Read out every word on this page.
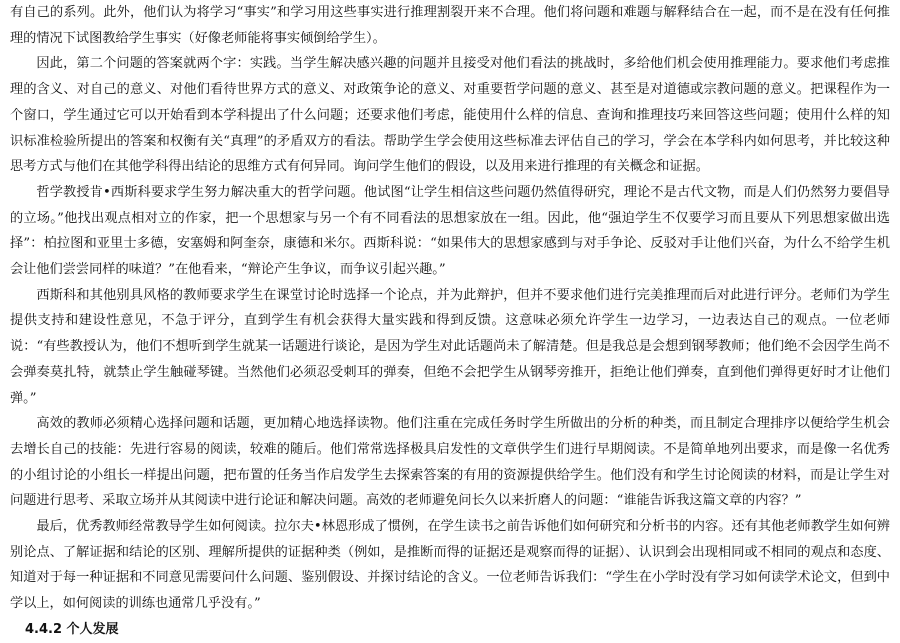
有自己的系列。此外，他们认为将学习“事实”和学习用这些事实进行推理割裂开来不合理。他们将问题和难题与解释结合在一起，而不是在没有任何推理的情况下试图教给学生事实（好像老师能将事实倾倒给学生）。

因此，第二个问题的答案就两个字：实践。当学生解决感兴趣的问题并且接受对他们看法的挑战时，多给他们机会使用推理能力。要求他们考虑推理的含义、对自己的意义、对他们看待世界方式的意义、对政策争论的意义、对重要哲学问题的意义、甚至是对道德或宗教问题的意义。把课程作为一个窗口，学生通过它可以开始看到本学科提出了什么问题；还要求他们考虑，能使用什么样的信息、查询和推理技巧来回答这些问题；使用什么样的知识标准检验所提出的答案和权衡有关“真理”的矛盾双方的看法。帮助学生学会使用这些标准去评估自己的学习，学会在本学科内如何思考，并比较这种思考方式与他们在其他学科得出结论的思维方式有何异同。询问学生他们的假设，以及用来进行推理的有关概念和证据。

哲学教授肯•西斯科要求学生努力解决重大的哲学问题。他试图“让学生相信这些问题仍然值得研究，理论不是古代文物，而是人们仍然努力要倡导的立场。”他找出观点相对立的作家，把一个思想家与另一个有不同看法的思想家放在一组。因此，他“强迫学生不仅要学习而且要从下列思想家做出选择”：柏拉图和亚里士多德，安塞姆和阿奎奈，康德和米尔。西斯科说：“如果伟大的思想家感到与对手争论、反驳对手让他们兴奋，为什么不给学生机会让他们尝尝同样的味道？”在他看来，“辩论产生争议，而争议引起兴趣。”

西斯科和其他别具风格的教师要求学生在课堂讨论时选择一个论点，并为此辩护，但并不要求他们进行完美推理而后对此进行评分。老师们为学生提供支持和建设性意见，不急于评分，直到学生有机会获得大量实践和得到反馈。这意味必须允许学生一边学习，一边表达自己的观点。一位老师说：“有些教授认为，他们不想听到学生就某一话题进行谈论，是因为学生对此话题尚未了解清楚。但是我总是会想到钢琴教师；他们绝不会因学生尚不会弹奏莫扎特，就禁止学生触碰琴键。当然他们必须忍受刺耳的弹奏，但绝不会把学生从钢琴旁推开，拒绝让他们弹奏，直到他们弹得更好时才让他们弹。”

高效的教师必须精心选择问题和话题，更加精心地选择读物。他们注重在完成任务时学生所做出的分析的种类，而且制定合理排序以便给学生机会去增长自己的技能：先进行容易的阅读，较难的随后。他们常常选择极具启发性的文章供学生们进行早期阅读。不是简单地列出要求，而是像一名优秀的小组讨论的小组长一样提出问题，把布置的任务当作启发学生去探索答案的有用的资源提供给学生。他们没有和学生讨论阅读的材料，而是让学生对问题进行思考、采取立场并从其阅读中进行论证和解决问题。高效的老师避免问长久以来折磨人的问题：“谁能告诉我这篇文章的内容？”

最后，优秀教师经常教导学生如何阅读。拉尔夫•林恩形成了惯例，在学生读书之前告诉他们如何研究和分析书的内容。还有其他老师教学生如何辨别论点、了解证据和结论的区别、理解所提供的证据种类（例如，是推断而得的证据还是观察而得的证据）、认识到会出现相同或不相同的观点和态度、知道对于每一种证据和不同意见需要问什么问题、鉴别假设、并探讨结论的含义。一位老师告诉我们：“学生在小学时没有学习如何读学术论文，但到中学以上，如何阅读的训练也通常几乎没有。”

4.4.2 个人发展
